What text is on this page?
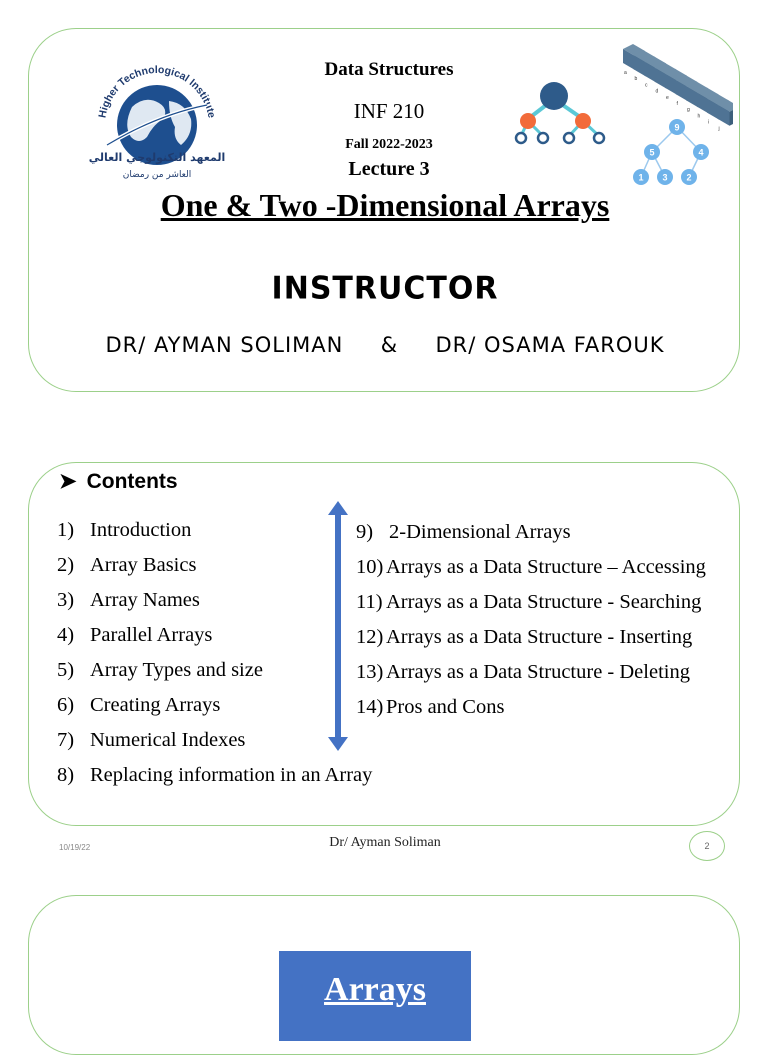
Higher Technological Institute
المعهد التكنولوجي العالي
العاشر من رمضان
Data Structures
INF 210
Fall 2022-2023
Lecture 3
a
b
c
d
e
f
g
h
i
j
9
5	4
1 3 2
One & Two -Dimensional Arrays
INSTRUCTOR
DR/ AYMAN SOLIMAN & DR/ OSAMA FAROUK
➤ Contents
1) Introduction
2) Array Basics
3) Array Names
4) Parallel Arrays
5) Array Types and size
6) Creating Arrays
7) Numerical Indexes
8) Replacing information in an Array
9) 2-Dimensional Arrays
10) Arrays as a Data Structure – Accessing
11) Arrays as a Data Structure - Searching
12) Arrays as a Data Structure - Inserting
13) Arrays as a Data Structure - Deleting
14) Pros and Cons
10/19/22	Dr/ Ayman Soliman	2
Arrays
